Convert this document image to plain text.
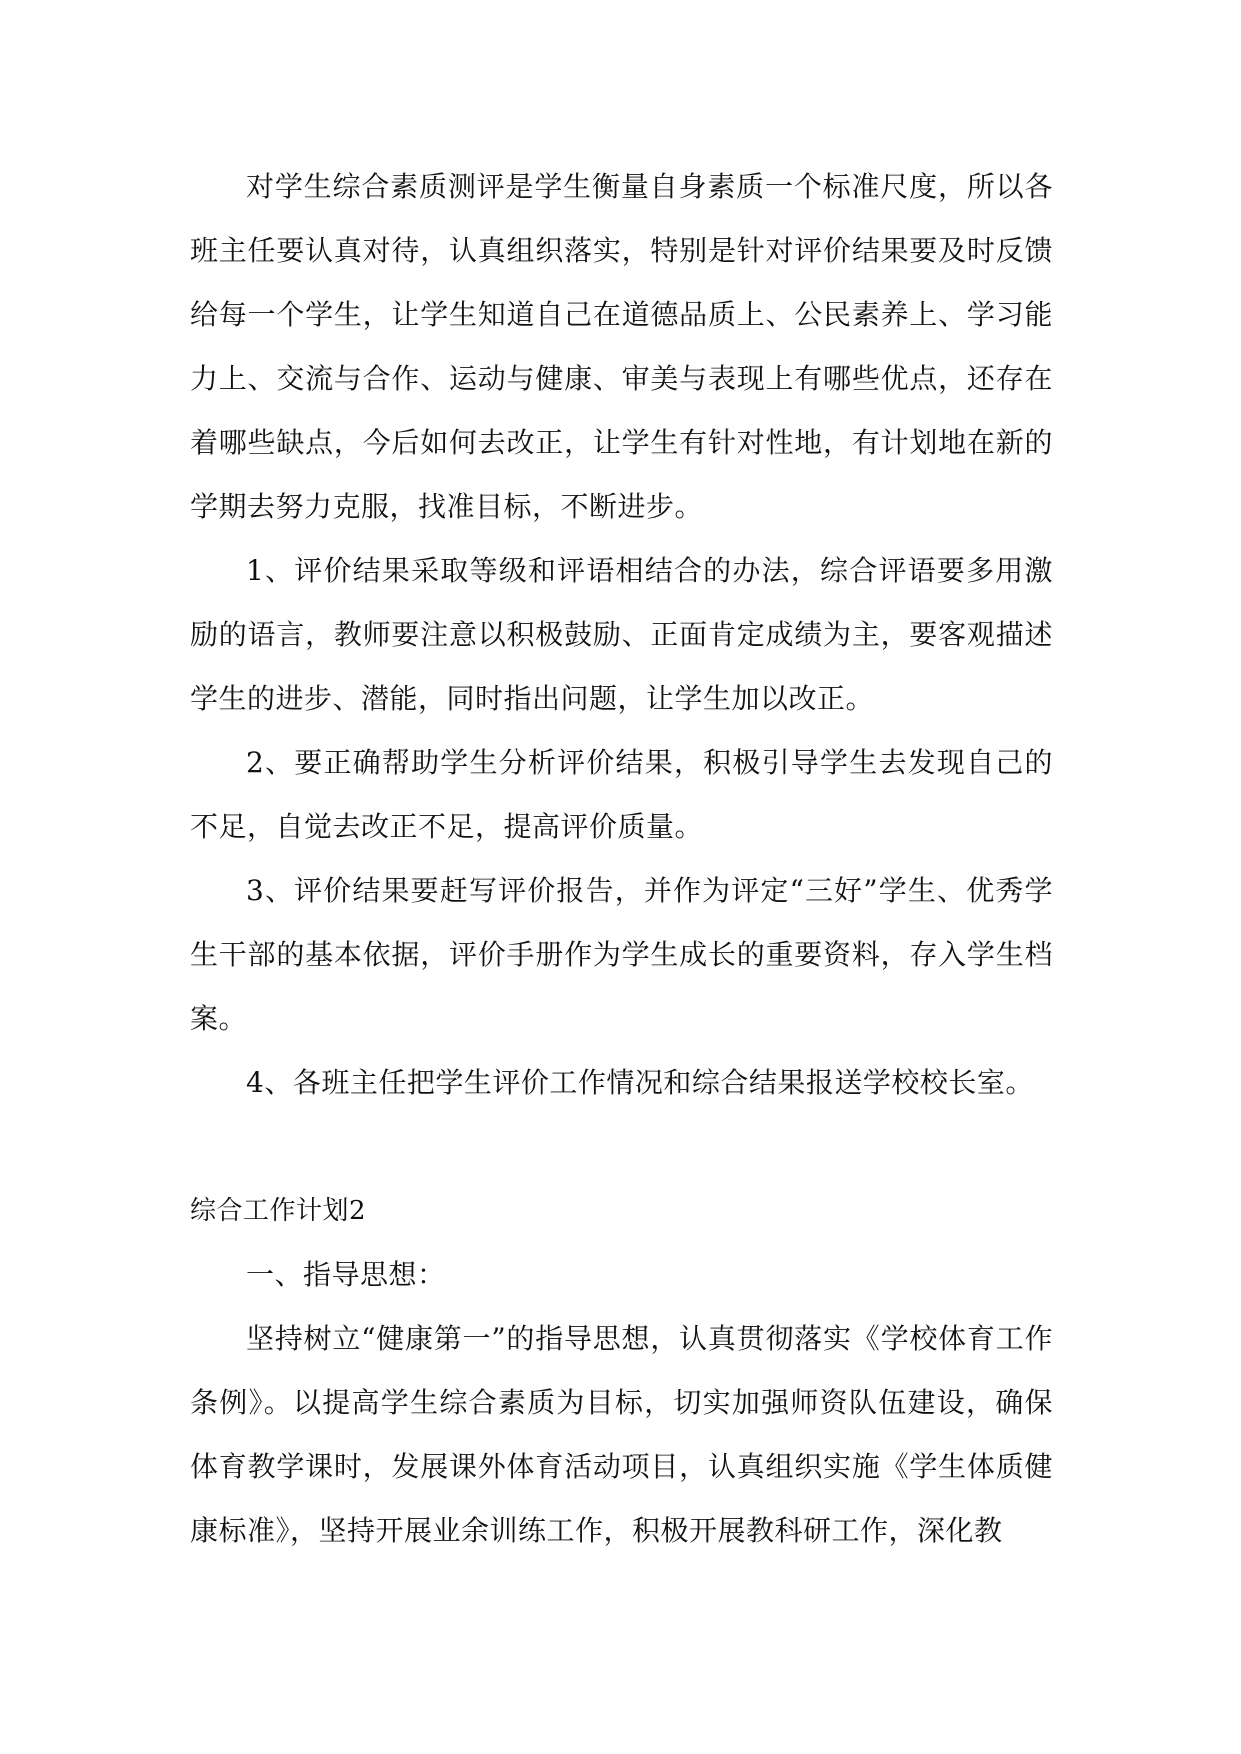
对学生综合素质测评是学生衡量自身素质一个标准尺度，所以各班主任要认真对待，认真组织落实，特别是针对评价结果要及时反馈给每一个学生，让学生知道自己在道德品质上、公民素养上、学习能力上、交流与合作、运动与健康、审美与表现上有哪些优点，还存在着哪些缺点，今后如何去改正，让学生有针对性地，有计划地在新的学期去努力克服，找准目标，不断进步。

1、评价结果采取等级和评语相结合的办法，综合评语要多用激励的语言，教师要注意以积极鼓励、正面肯定成绩为主，要客观描述学生的进步、潜能，同时指出问题，让学生加以改正。

2、要正确帮助学生分析评价结果，积极引导学生去发现自己的不足，自觉去改正不足，提高评价质量。

3、评价结果要赶写评价报告，并作为评定“三好”学生、优秀学生干部的基本依据，评价手册作为学生成长的重要资料，存入学生档案。

4、各班主任把学生评价工作情况和综合结果报送学校校长室。

综合工作计划2

一、指导思想：

坚持树立“健康第一”的指导思想，认真贯彻落实《学校体育工作条例》。以提高学生综合素质为目标，切实加强师资队伍建设，确保体育教学课时，发展课外体育活动项目，认真组织实施《学生体质健康标准》，坚持开展业余训练工作，积极开展教科研工作，深化教
